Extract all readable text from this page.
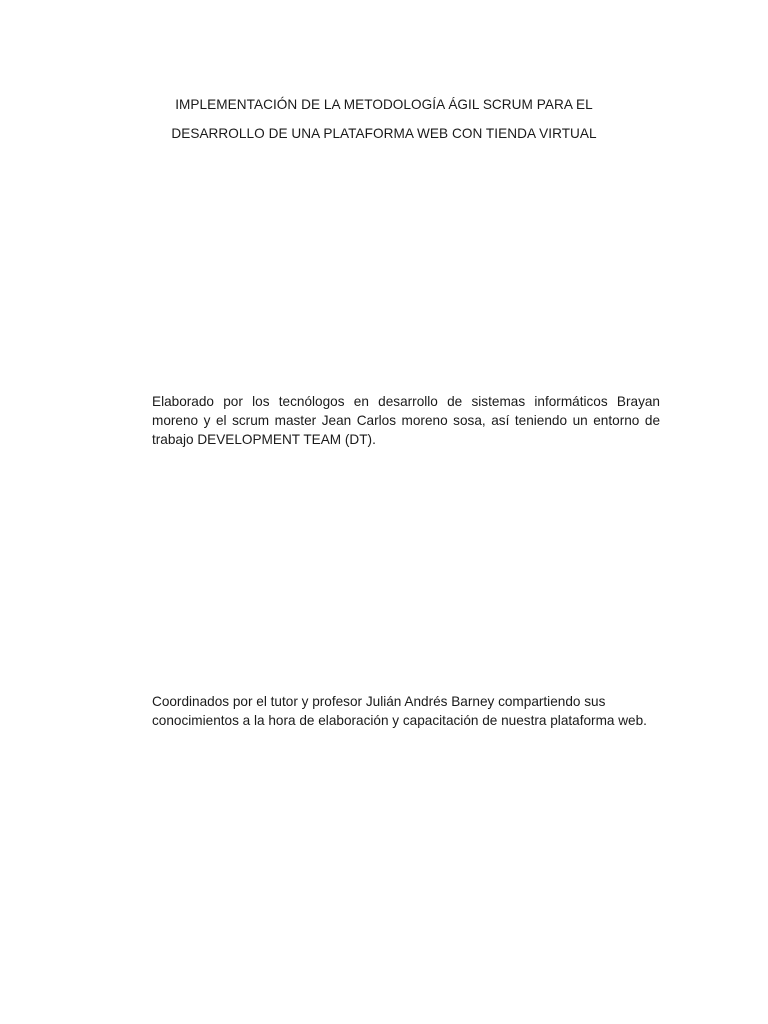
IMPLEMENTACIÓN DE LA METODOLOGÍA ÁGIL SCRUM PARA EL
DESARROLLO DE UNA PLATAFORMA WEB CON TIENDA VIRTUAL

Elaborado por los tecnólogos en desarrollo de sistemas informáticos Brayan moreno y el scrum master Jean Carlos moreno sosa, así teniendo un entorno de trabajo DEVELOPMENT TEAM (DT).

Coordinados por el tutor y profesor Julián Andrés Barney compartiendo sus conocimientos a la hora de elaboración y capacitación de nuestra plataforma web.
